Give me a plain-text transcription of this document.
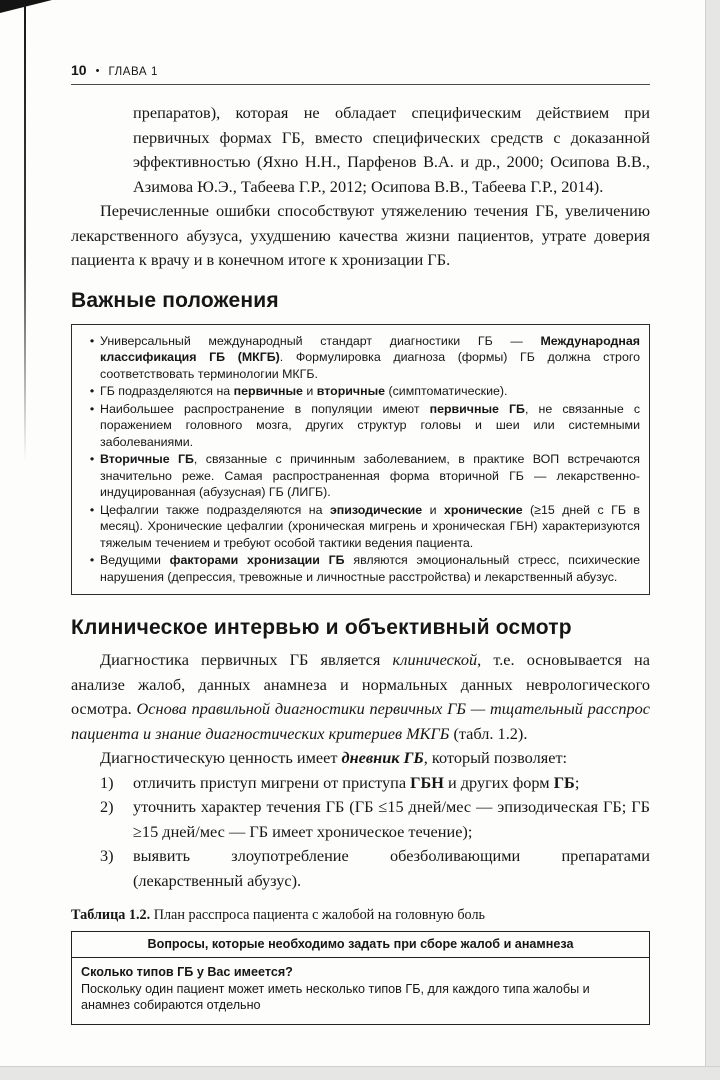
10 • ГЛАВА 1

препаратов), которая не обладает специфическим действием при первичных формах ГБ, вместо специфических средств с доказанной эффективностью (Яхно Н.Н., Парфенов В.А. и др., 2000; Осипова В.В., Азимова Ю.Э., Табеева Г.Р., 2012; Осипова В.В., Табеева Г.Р., 2014).

Перечисленные ошибки способствуют утяжелению течения ГБ, увеличению лекарственного абузуса, ухудшению качества жизни пациентов, утрате доверия пациента к врачу и в конечном итоге к хронизации ГБ.

Важные положения
• Универсальный международный стандарт диагностики ГБ — Международная классификация ГБ (МКГБ). Формулировка диагноза (формы) ГБ должна строго соответствовать терминологии МКГБ.
• ГБ подразделяются на первичные и вторичные (симптоматические).
• Наибольшее распространение в популяции имеют первичные ГБ, не связанные с поражением головного мозга, других структур головы и шеи или системными заболеваниями.
• Вторичные ГБ, связанные с причинным заболеванием, в практике ВОП встречаются значительно реже. Самая распространенная форма вторичной ГБ — лекарственно-индуцированная (абузусная) ГБ (ЛИГБ).
• Цефалгии также подразделяются на эпизодические и хронические (≥15 дней с ГБ в месяц). Хронические цефалгии (хроническая мигрень и хроническая ГБН) характеризуются тяжелым течением и требуют особой тактики ведения пациента.
• Ведущими факторами хронизации ГБ являются эмоциональный стресс, психические нарушения (депрессия, тревожные и личностные расстройства) и лекарственный абузус.
Клиническое интервью и объективный осмотр

Диагностика первичных ГБ является клинической, т.е. основывается на анализе жалоб, данных анамнеза и нормальных данных неврологического осмотра. Основа правильной диагностики первичных ГБ — тщательный расспрос пациента и знание диагностических критериев МКГБ (табл. 1.2).

Диагностическую ценность имеет дневник ГБ, который позволяет:

1)	отличить приступ мигрени от приступа ГБН и других форм ГБ;
2)	уточнить характер течения ГБ (ГБ ≤15 дней/мес — эпизодическая ГБ; ГБ ≥15 дней/мес — ГБ имеет хроническое течение);
3)	выявить злоупотребление обезболивающими препаратами (лекарственный абузус).

Таблица 1.2. План расспроса пациента с жалобой на головную боль

Вопросы, которые необходимо задать при сборе жалоб и анамнеза
Сколько типов ГБ у Вас имеется?
Поскольку один пациент может иметь несколько типов ГБ, для каждого типа жалобы и анамнез собираются отдельно
